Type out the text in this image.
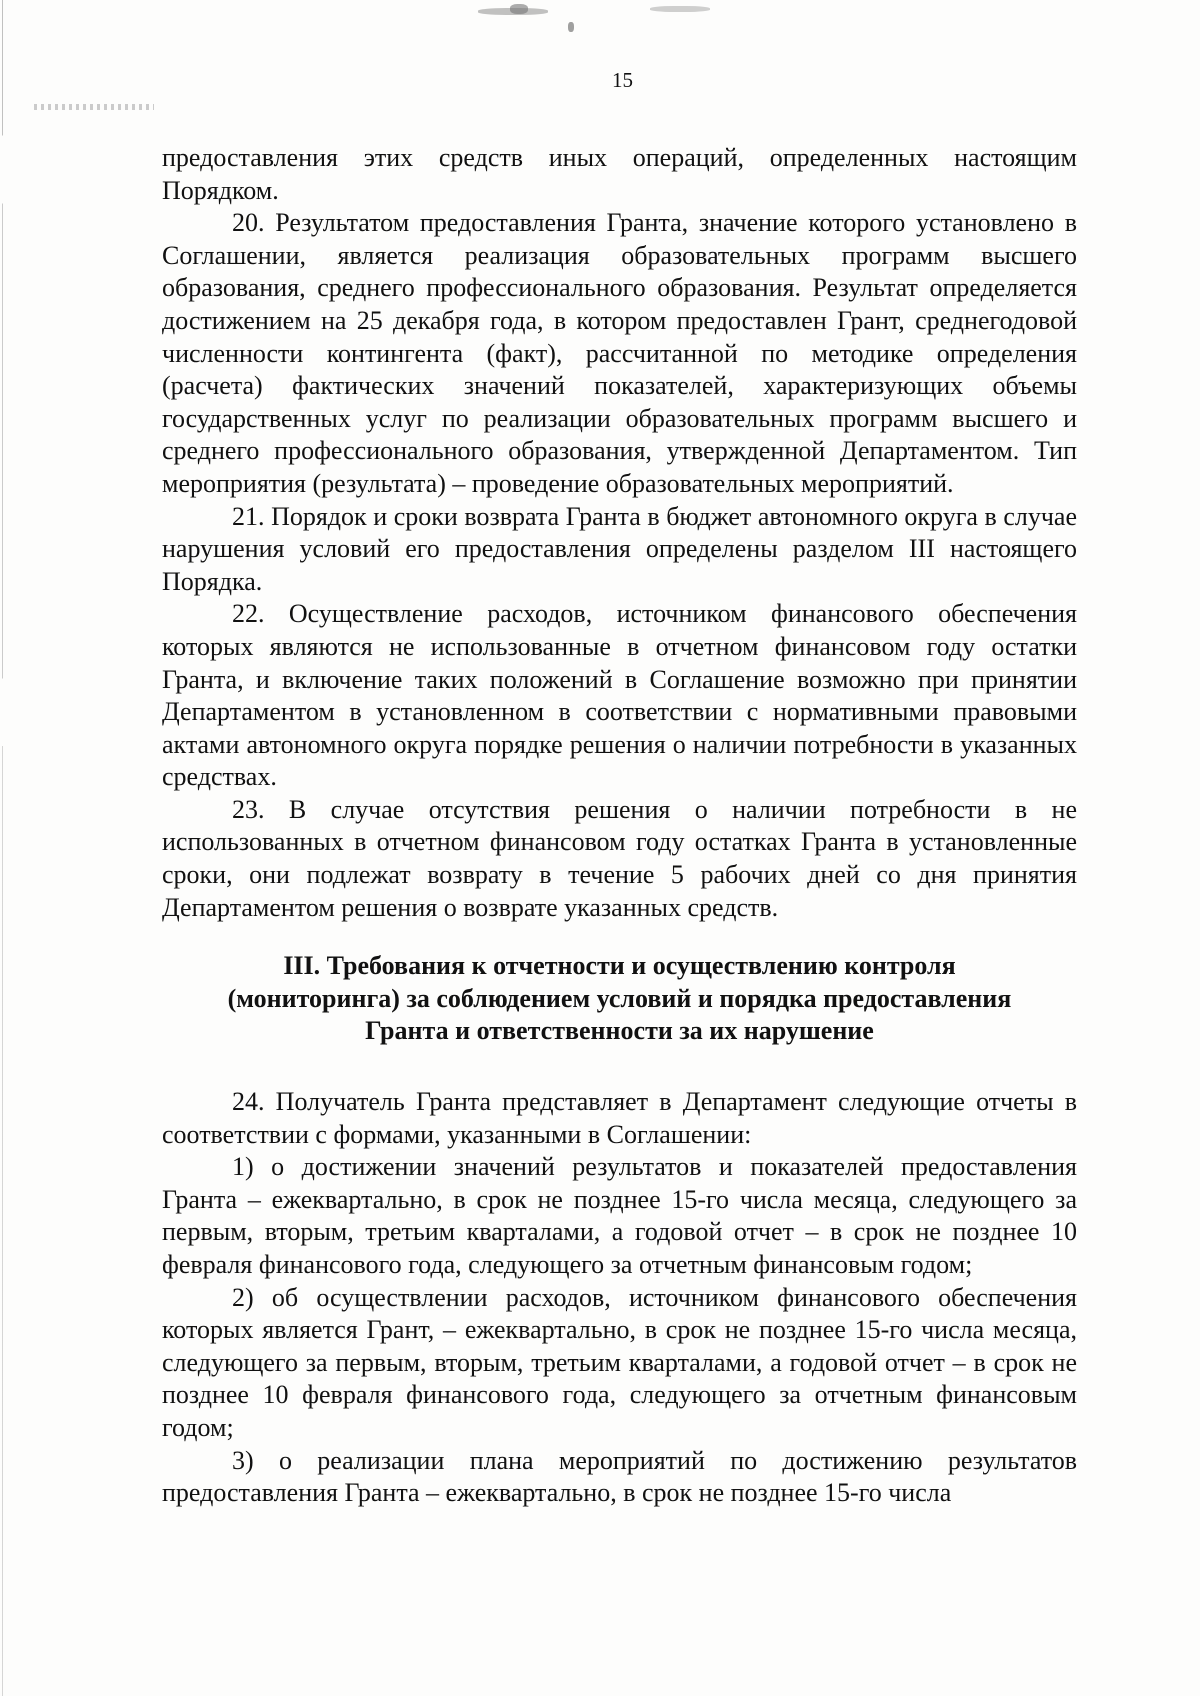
15

предоставления этих средств иных операций, определенных настоящим Порядком.

20. Результатом предоставления Гранта, значение которого установлено в Соглашении, является реализация образовательных программ высшего образования, среднего профессионального образования. Результат определяется достижением на 25 декабря года, в котором предоставлен Грант, среднегодовой численности контингента (факт), рассчитанной по методике определения (расчета) фактических значений показателей, характеризующих объемы государственных услуг по реализации образовательных программ высшего и среднего профессионального образования, утвержденной Департаментом. Тип мероприятия (результата) – проведение образовательных мероприятий.

21. Порядок и сроки возврата Гранта в бюджет автономного округа в случае нарушения условий его предоставления определены разделом III настоящего Порядка.

22. Осуществление расходов, источником финансового обеспечения которых являются не использованные в отчетном финансовом году остатки Гранта, и включение таких положений в Соглашение возможно при принятии Департаментом в установленном в соответствии с нормативными правовыми актами автономного округа порядке решения о наличии потребности в указанных средствах.

23. В случае отсутствия решения о наличии потребности в не использованных в отчетном финансовом году остатках Гранта в установленные сроки, они подлежат возврату в течение 5 рабочих дней со дня принятия Департаментом решения о возврате указанных средств.

III. Требования к отчетности и осуществлению контроля
(мониторинга) за соблюдением условий и порядка предоставления
Гранта и ответственности за их нарушение

24. Получатель Гранта представляет в Департамент следующие отчеты в соответствии с формами, указанными в Соглашении:

1) о достижении значений результатов и показателей предоставления Гранта – ежеквартально, в срок не позднее 15-го числа месяца, следующего за первым, вторым, третьим кварталами, а годовой отчет – в срок не позднее 10 февраля финансового года, следующего за отчетным финансовым годом;

2) об осуществлении расходов, источником финансового обеспечения которых является Грант, – ежеквартально, в срок не позднее 15-го числа месяца, следующего за первым, вторым, третьим кварталами, а годовой отчет – в срок не позднее 10 февраля финансового года, следующего за отчетным финансовым годом;

3) о реализации плана мероприятий по достижению результатов предоставления Гранта – ежеквартально, в срок не позднее 15-го числа
